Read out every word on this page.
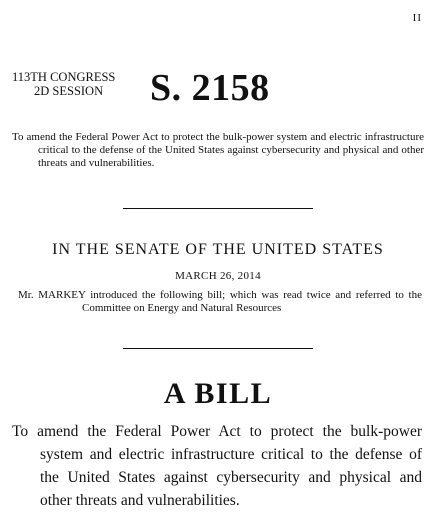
II
113TH CONGRESS
2D SESSION	S. 2158
To amend the Federal Power Act to protect the bulk-power system and electric infrastructure critical to the defense of the United States against cybersecurity and physical and other threats and vulnerabilities.
IN THE SENATE OF THE UNITED STATES
MARCH 26, 2014
Mr. MARKEY introduced the following bill; which was read twice and referred to the Committee on Energy and Natural Resources
A BILL
To amend the Federal Power Act to protect the bulk-power system and electric infrastructure critical to the defense of the United States against cybersecurity and physical and other threats and vulnerabilities.
